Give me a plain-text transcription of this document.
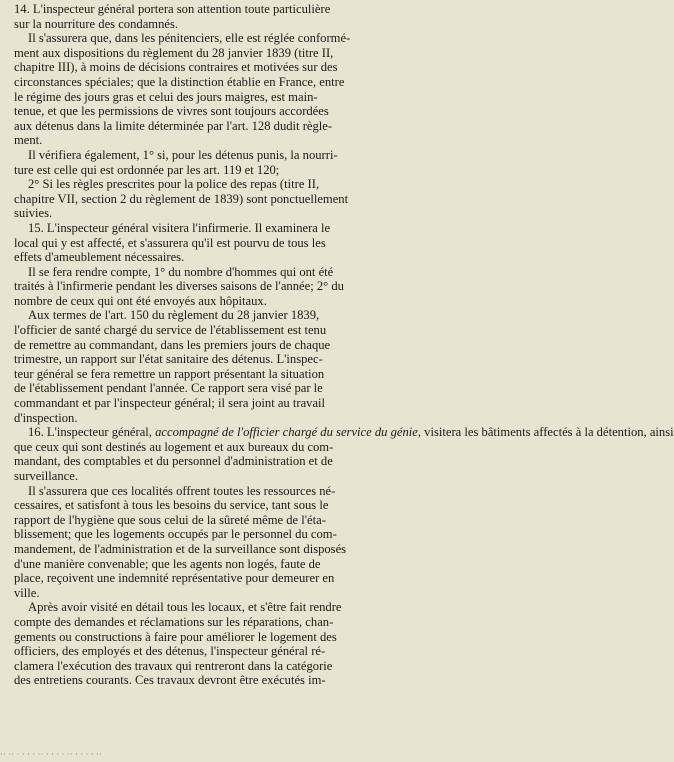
14. L'inspecteur général portera son attention toute particulière
sur la nourriture des condamnés.
Il s'assurera que, dans les pénitenciers, elle est réglée conformé-
ment aux dispositions du règlement du 28 janvier 1839 (titre II,
chapitre III), à moins de décisions contraires et motivées sur des
circonstances spéciales; que la distinction établie en France, entre
le régime des jours gras et celui des jours maigres, est main-
tenue, et que les permissions de vivres sont toujours accordées
aux détenus dans la limite déterminée par l'art. 128 dudit règle-
ment.
Il vérifiera également, 1° si, pour les détenus punis, la nourri-
ture est celle qui est ordonnée par les art. 119 et 120;
2° Si les règles prescrites pour la police des repas (titre II,
chapitre VII, section 2 du règlement de 1839) sont ponctuellement
suivies.
15. L'inspecteur général visitera l'infirmerie. Il examinera le
local qui y est affecté, et s'assurera qu'il est pourvu de tous les
effets d'ameublement nécessaires.
Il se fera rendre compte, 1° du nombre d'hommes qui ont été
traités à l'infirmerie pendant les diverses saisons de l'année; 2° du
nombre de ceux qui ont été envoyés aux hôpitaux.
Aux termes de l'art. 150 du règlement du 28 janvier 1839,
l'officier de santé chargé du service de l'établissement est tenu
de remettre au commandant, dans les premiers jours de chaque
trimestre, un rapport sur l'état sanitaire des détenus. L'inspec-
teur général se fera remettre un rapport présentant la situation
de l'établissement pendant l'année. Ce rapport sera visé par le
commandant et par l'inspecteur général; il sera joint au travail
d'inspection.
16. L'inspecteur général, accompagné de l'officier chargé du service du génie, visitera les bâtiments affectés à la détention, ainsi
que ceux qui sont destinés au logement et aux bureaux du com-
mandant, des comptables et du personnel d'administration et de
surveillance.
Il s'assurera que ces localités offrent toutes les ressources né-
cessaires, et satisfont à tous les besoins du service, tant sous le
rapport de l'hygiène que sous celui de la sûreté même de l'éta-
blissement; que les logements occupés par le personnel du com-
mandement, de l'administration et de la surveillance sont disposés
d'une manière convenable; que les agents non logés, faute de
place, reçoivent une indemnité représentative pour demeurer en
ville.
Après avoir visité en détail tous les locaux, et s'être fait rendre
compte des demandes et réclamations sur les réparations, chan-
gements ou constructions à faire pour améliorer le logement des
officiers, des employés et des détenus, l'inspecteur général ré-
clamera l'exécution des travaux qui rentreront dans la catégorie
des entretiens courants. Ces travaux devront être exécutés im-
·· ·· · · · · ·· · · · · ·· · · · · ··
